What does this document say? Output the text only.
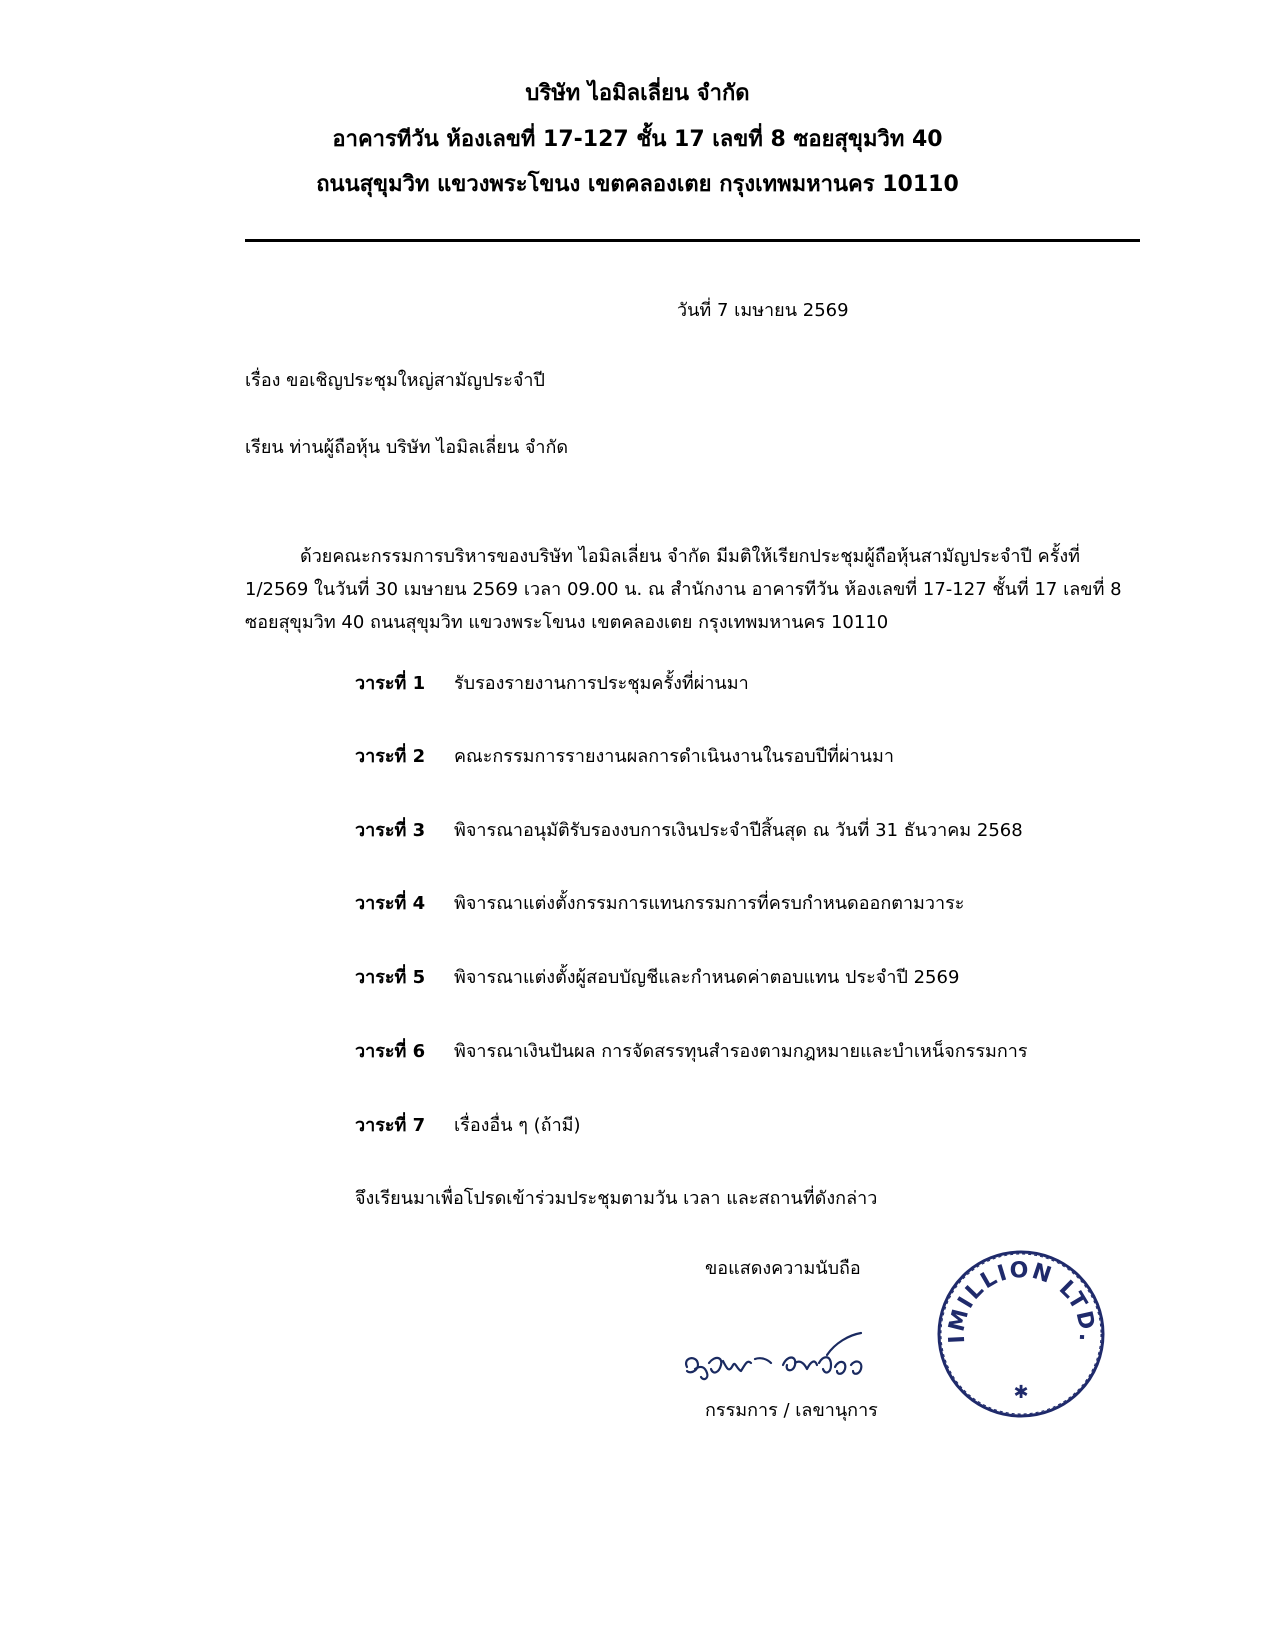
บริษัท ไอมิลเลี่ยน จำกัด
อาคารทีวัน ห้องเลขที่ 17-127 ชั้น 17 เลขที่ 8 ซอยสุขุมวิท 40
ถนนสุขุมวิท แขวงพระโขนง เขตคลองเตย กรุงเทพมหานคร 10110
วันที่ 7 เมษายน 2569
เรื่อง ขอเชิญประชุมใหญ่สามัญประจำปี
เรียน ท่านผู้ถือหุ้น บริษัท ไอมิลเลี่ยน จำกัด
ด้วยคณะกรรมการบริหารของบริษัท ไอมิลเลี่ยน จำกัด มีมติให้เรียกประชุมผู้ถือหุ้นสามัญประจำปี ครั้งที่
1/2569 ในวันที่ 30 เมษายน 2569 เวลา 09.00 น. ณ สำนักงาน อาคารทีวัน ห้องเลขที่ 17-127 ชั้นที่ 17 เลขที่ 8
ซอยสุขุมวิท 40 ถนนสุขุมวิท แขวงพระโขนง เขตคลองเตย กรุงเทพมหานคร 10110
วาระที่ 1 รับรองรายงานการประชุมครั้งที่ผ่านมา
วาระที่ 2 คณะกรรมการรายงานผลการดำเนินงานในรอบปีที่ผ่านมา
วาระที่ 3 พิจารณาอนุมัติรับรองงบการเงินประจำปีสิ้นสุด ณ วันที่ 31 ธันวาคม 2568
วาระที่ 4 พิจารณาแต่งตั้งกรรมการแทนกรรมการที่ครบกำหนดออกตามวาระ
วาระที่ 5 พิจารณาแต่งตั้งผู้สอบบัญชีและกำหนดค่าตอบแทน ประจำปี 2569
วาระที่ 6 พิจารณาเงินปันผล การจัดสรรทุนสำรองตามกฎหมายและบำเหน็จกรรมการ
วาระที่ 7 เรื่องอื่น ๆ (ถ้ามี)
จึงเรียนมาเพื่อโปรดเข้าร่วมประชุมตามวัน เวลา และสถานที่ดังกล่าว
ขอแสดงความนับถือ
กรรมการ / เลขานุการ
IMILLION LTD.
✱
